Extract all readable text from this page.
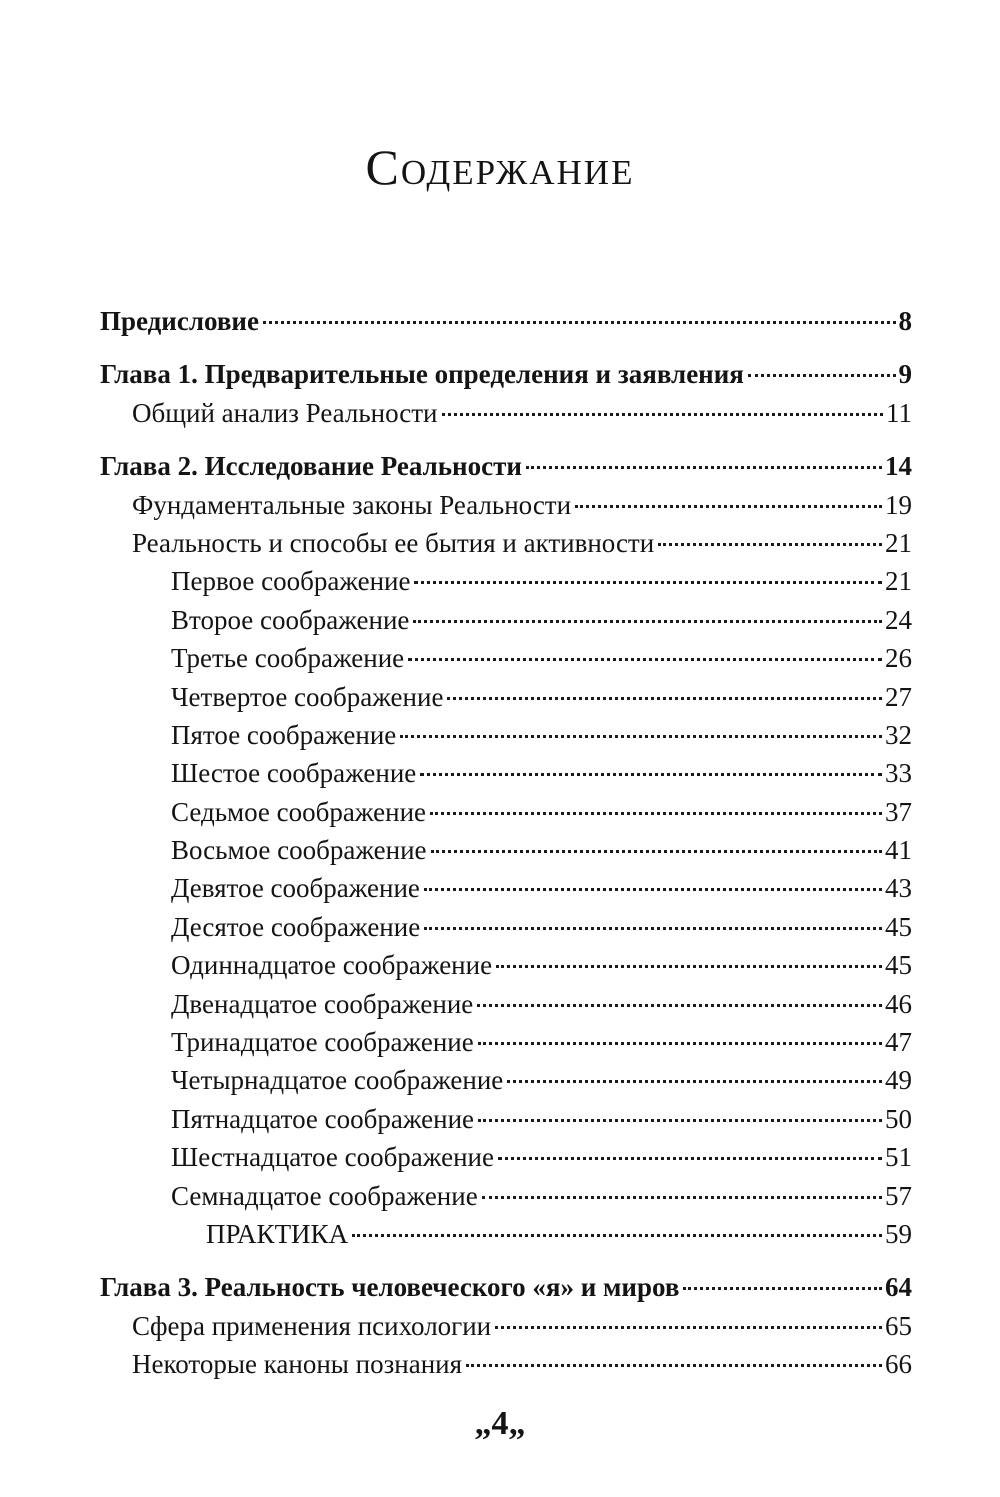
Содержание
Предисловие	8
Глава 1. Предварительные определения и заявления	9
Общий анализ Реальности	11
Глава 2. Исследование Реальности	14
Фундаментальные законы Реальности	19
Реальность и способы ее бытия и активности	21
Первое соображение	21
Второе соображение	24
Третье соображение	26
Четвертое соображение	27
Пятое соображение	32
Шестое соображение	33
Седьмое соображение	37
Восьмое соображение	41
Девятое соображение	43
Десятое соображение	45
Одиннадцатое соображение	45
Двенадцатое соображение	46
Тринадцатое соображение	47
Четырнадцатое соображение	49
Пятнадцатое соображение	50
Шестнадцатое соображение	51
Семнадцатое соображение	57
ПРАКТИКА	59
Глава 3. Реальность человеческого «я» и миров	64
Сфера применения психологии	65
Некоторые каноны познания	66
„4„
